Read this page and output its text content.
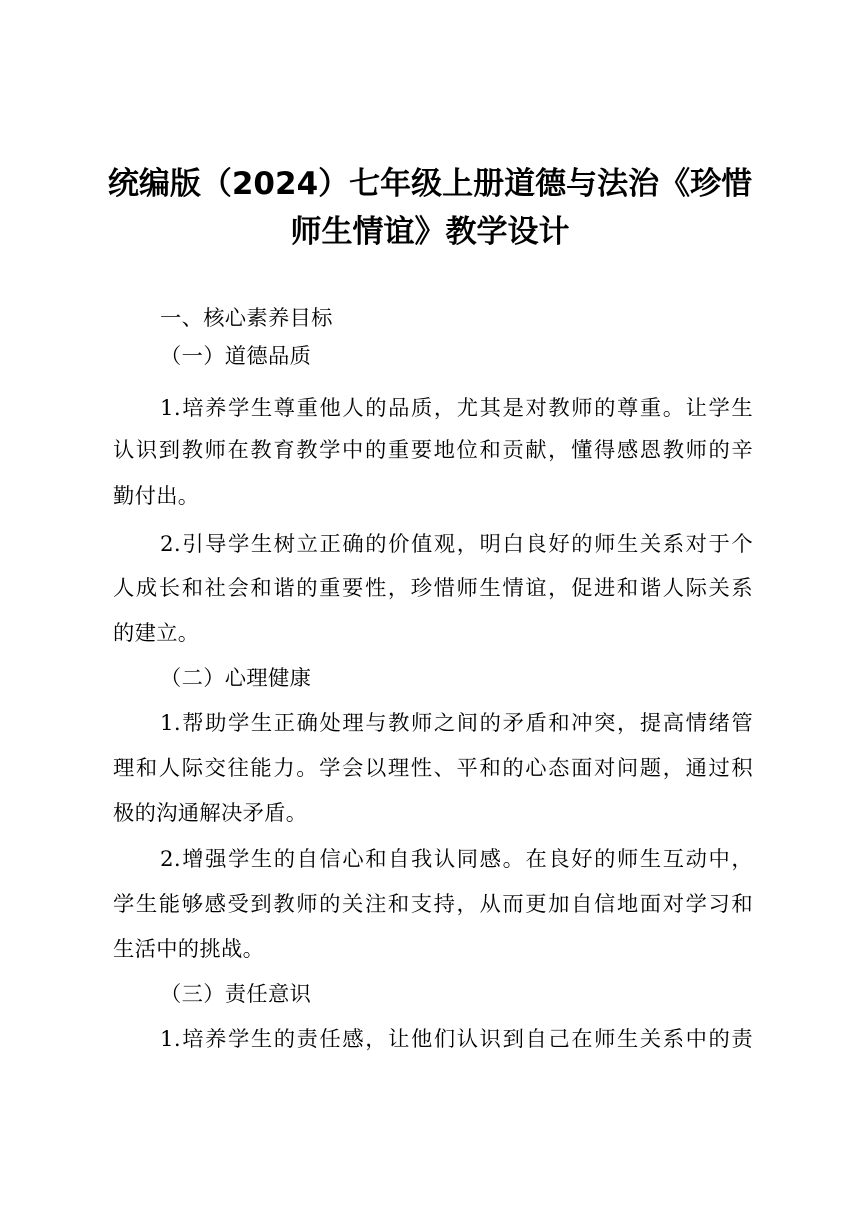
统编版（2024）七年级上册道德与法治《珍惜
师生情谊》教学设计
一、核心素养目标
（一）道德品质
1.培养学生尊重他人的品质，尤其是对教师的尊重。让学生
认识到教师在教育教学中的重要地位和贡献，懂得感恩教师的辛
勤付出。
2.引导学生树立正确的价值观，明白良好的师生关系对于个
人成长和社会和谐的重要性，珍惜师生情谊，促进和谐人际关系
的建立。
（二）心理健康
1.帮助学生正确处理与教师之间的矛盾和冲突，提高情绪管
理和人际交往能力。学会以理性、平和的心态面对问题，通过积
极的沟通解决矛盾。
2.增强学生的自信心和自我认同感。在良好的师生互动中，
学生能够感受到教师的关注和支持，从而更加自信地面对学习和
生活中的挑战。
（三）责任意识
1.培养学生的责任感，让他们认识到自己在师生关系中的责
